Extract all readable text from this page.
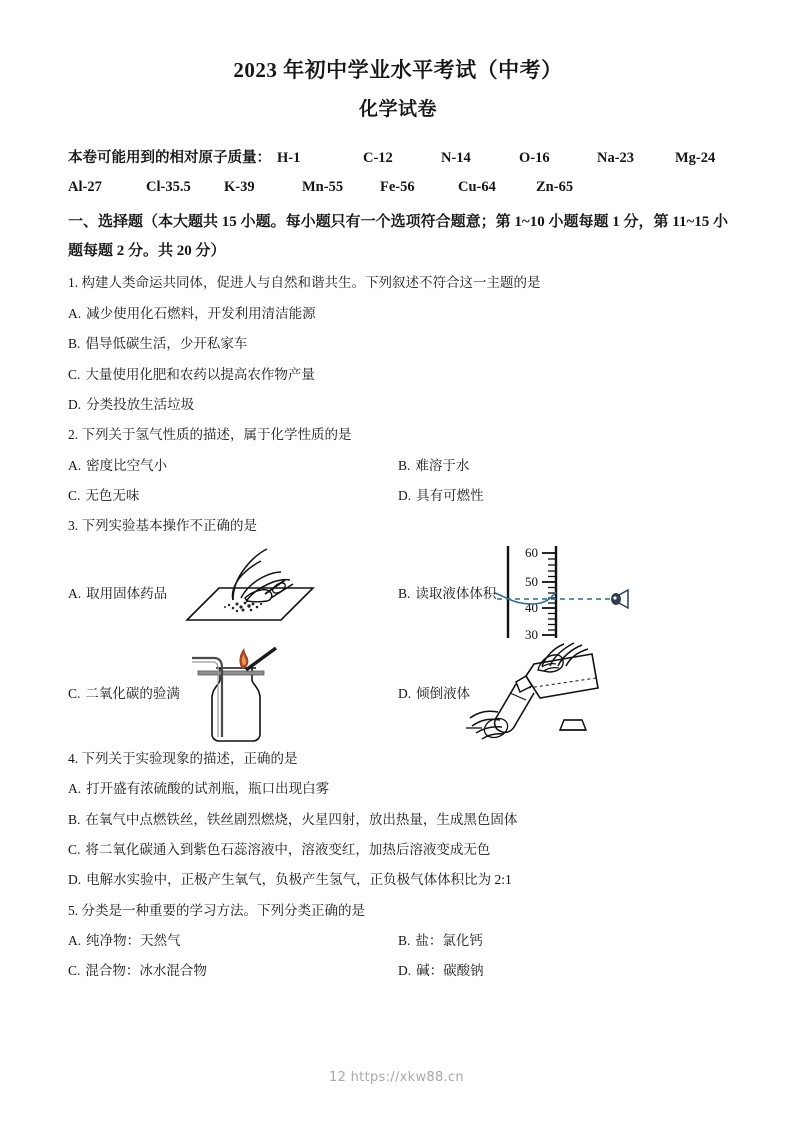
2023 年初中学业水平考试（中考）
化学试卷
本卷可能用到的相对原子质量： H-1	C-12	N-14	O-16	Na-23	Mg-24
Al-27	Cl-35.5 K-39	Mn-55	Fe-56	Cu-64	Zn-65
一、选择题（本大题共 15 小题。每小题只有一个选项符合题意；第 1~10 小题每题 1 分，第 11~15 小题每题 2 分。共 20 分）
1. 构建人类命运共同体，促进人与自然和谐共生。下列叙述不符合这一主题的是
A. 减少使用化石燃料，开发利用清洁能源
B. 倡导低碳生活，少开私家车
C. 大量使用化肥和农药以提高农作物产量
D. 分类投放生活垃圾
2. 下列关于氢气性质的描述，属于化学性质的是
A. 密度比空气小	B. 难溶于水
C. 无色无味	D. 具有可燃性
3. 下列实验基本操作不正确的是
A. 取用固体药品	B. 读取液体体积
60
50
40
30
C. 二氧化碳的验满	D. 倾倒液体
4. 下列关于实验现象的描述，正确的是
A. 打开盛有浓硫酸的试剂瓶，瓶口出现白雾
B. 在氧气中点燃铁丝，铁丝剧烈燃烧，火星四射，放出热量，生成黑色固体
C. 将二氧化碳通入到紫色石蕊溶液中，溶液变红，加热后溶液变成无色
D. 电解水实验中，正极产生氧气，负极产生氢气，正负极气体体积比为 2:1
5. 分类是一种重要的学习方法。下列分类正确的是
A. 纯净物：天然气	B. 盐：氯化钙
C. 混合物：冰水混合物	D. 碱：碳酸钠
12 https://xkw88.cn
